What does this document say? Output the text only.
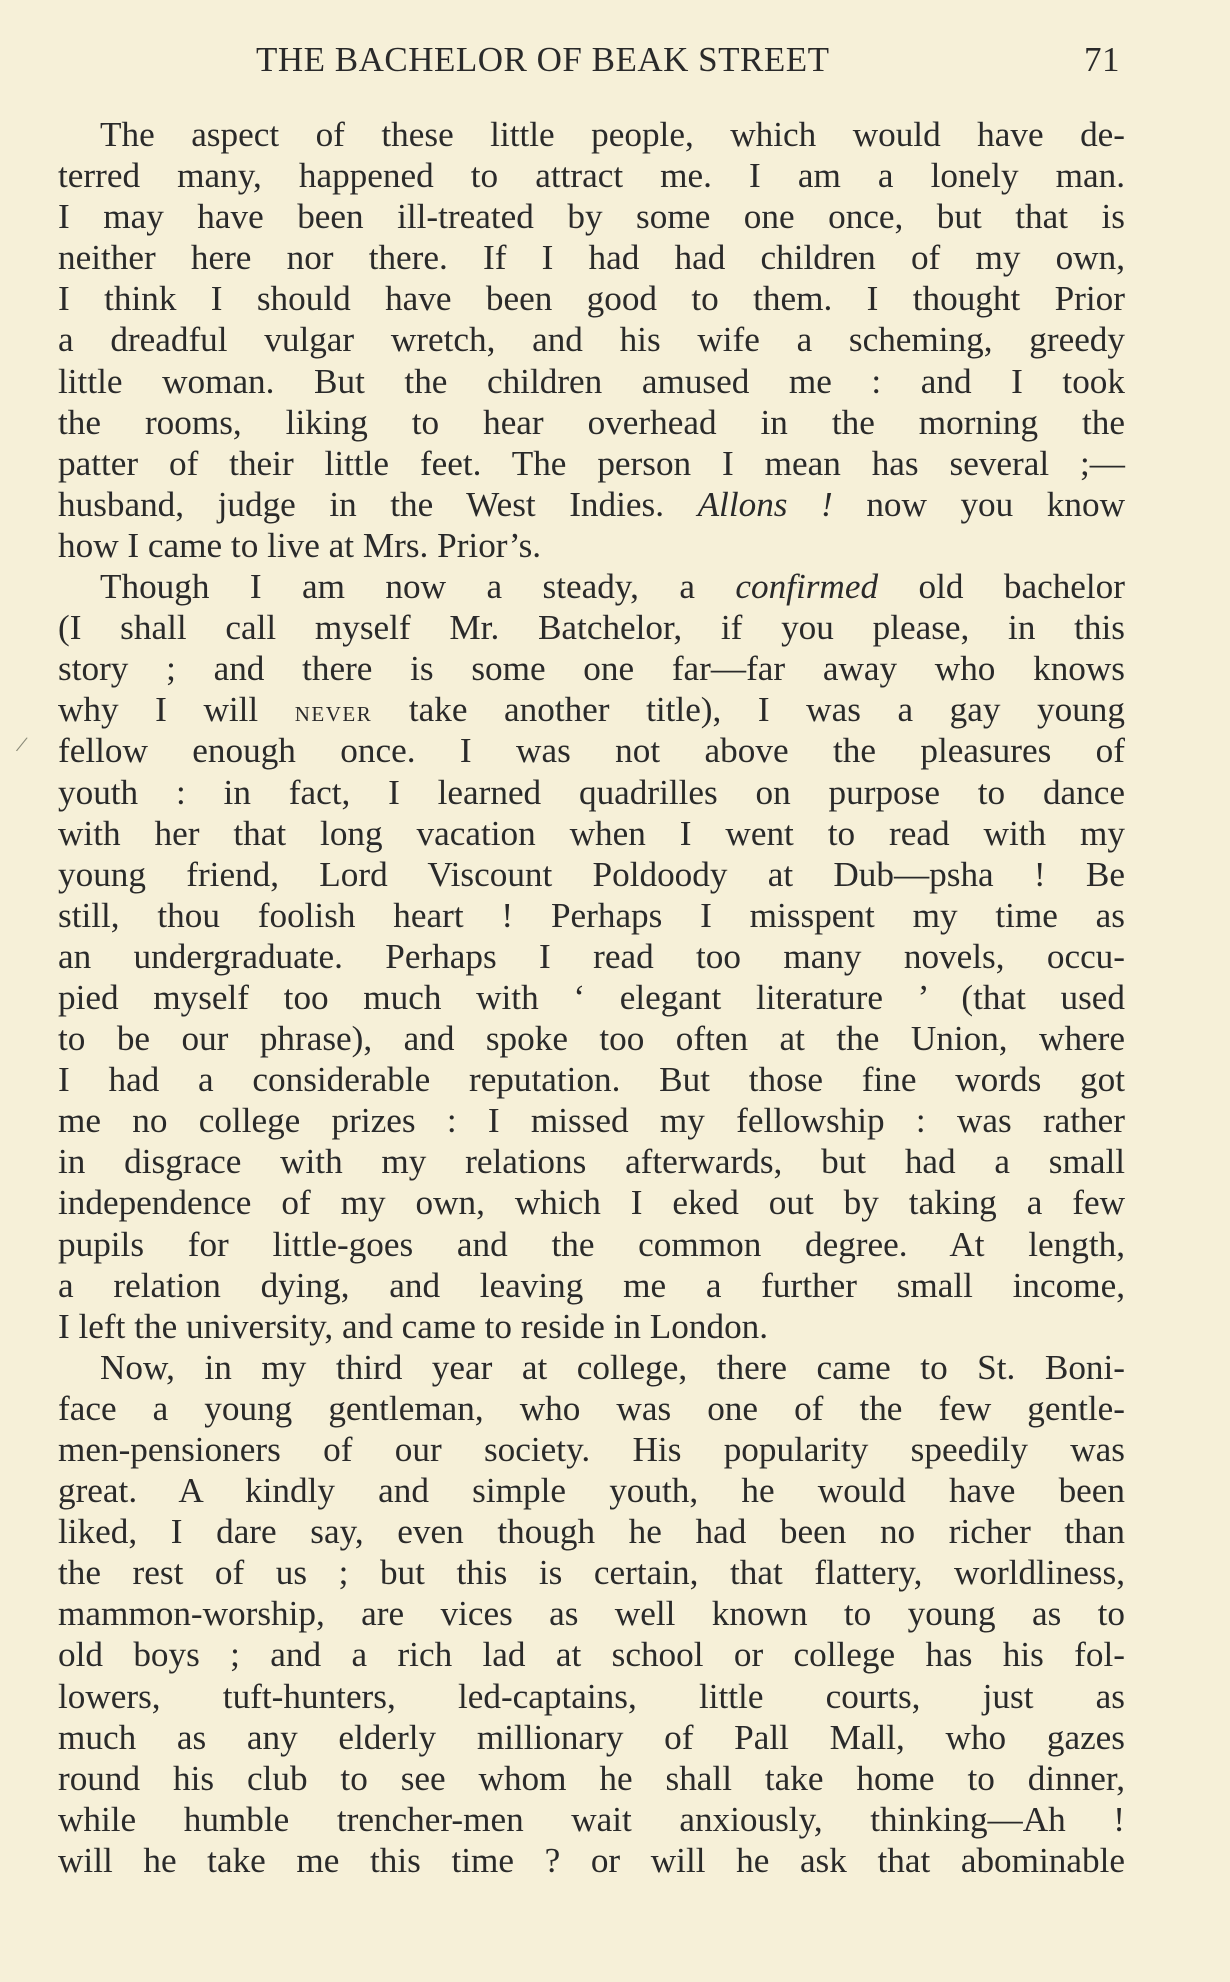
THE BACHELOR OF BEAK STREET	71
/
The aspect of these little people, which would have de-
terred many, happened to attract me. I am a lonely man.
I may have been ill-treated by some one once, but that is
neither here nor there. If I had had children of my own,
I think I should have been good to them. I thought Prior
a dreadful vulgar wretch, and his wife a scheming, greedy
little woman. But the children amused me : and I took
the rooms, liking to hear overhead in the morning the
patter of their little feet. The person I mean has several ;—
husband, judge in the West Indies. Allons ! now you know
how I came to live at Mrs. Prior’s.
Though I am now a steady, a confirmed old bachelor
(I shall call myself Mr. Batchelor, if you please, in this
story ; and there is some one far—far away who knows
why I will never take another title), I was a gay young
fellow enough once. I was not above the pleasures of
youth : in fact, I learned quadrilles on purpose to dance
with her that long vacation when I went to read with my
young friend, Lord Viscount Poldoody at Dub—psha ! Be
still, thou foolish heart ! Perhaps I misspent my time as
an undergraduate. Perhaps I read too many novels, occu-
pied myself too much with ‘ elegant literature ’ (that used
to be our phrase), and spoke too often at the Union, where
I had a considerable reputation. But those fine words got
me no college prizes : I missed my fellowship : was rather
in disgrace with my relations afterwards, but had a small
independence of my own, which I eked out by taking a few
pupils for little-goes and the common degree. At length,
a relation dying, and leaving me a further small income,
I left the university, and came to reside in London.
Now, in my third year at college, there came to St. Boni-
face a young gentleman, who was one of the few gentle-
men-pensioners of our society. His popularity speedily was
great. A kindly and simple youth, he would have been
liked, I dare say, even though he had been no richer than
the rest of us ; but this is certain, that flattery, worldliness,
mammon-worship, are vices as well known to young as to
old boys ; and a rich lad at school or college has his fol-
lowers, tuft-hunters, led-captains, little courts, just as
much as any elderly millionary of Pall Mall, who gazes
round his club to see whom he shall take home to dinner,
while humble trencher-men wait anxiously, thinking—Ah !
will he take me this time ? or will he ask that abominable
